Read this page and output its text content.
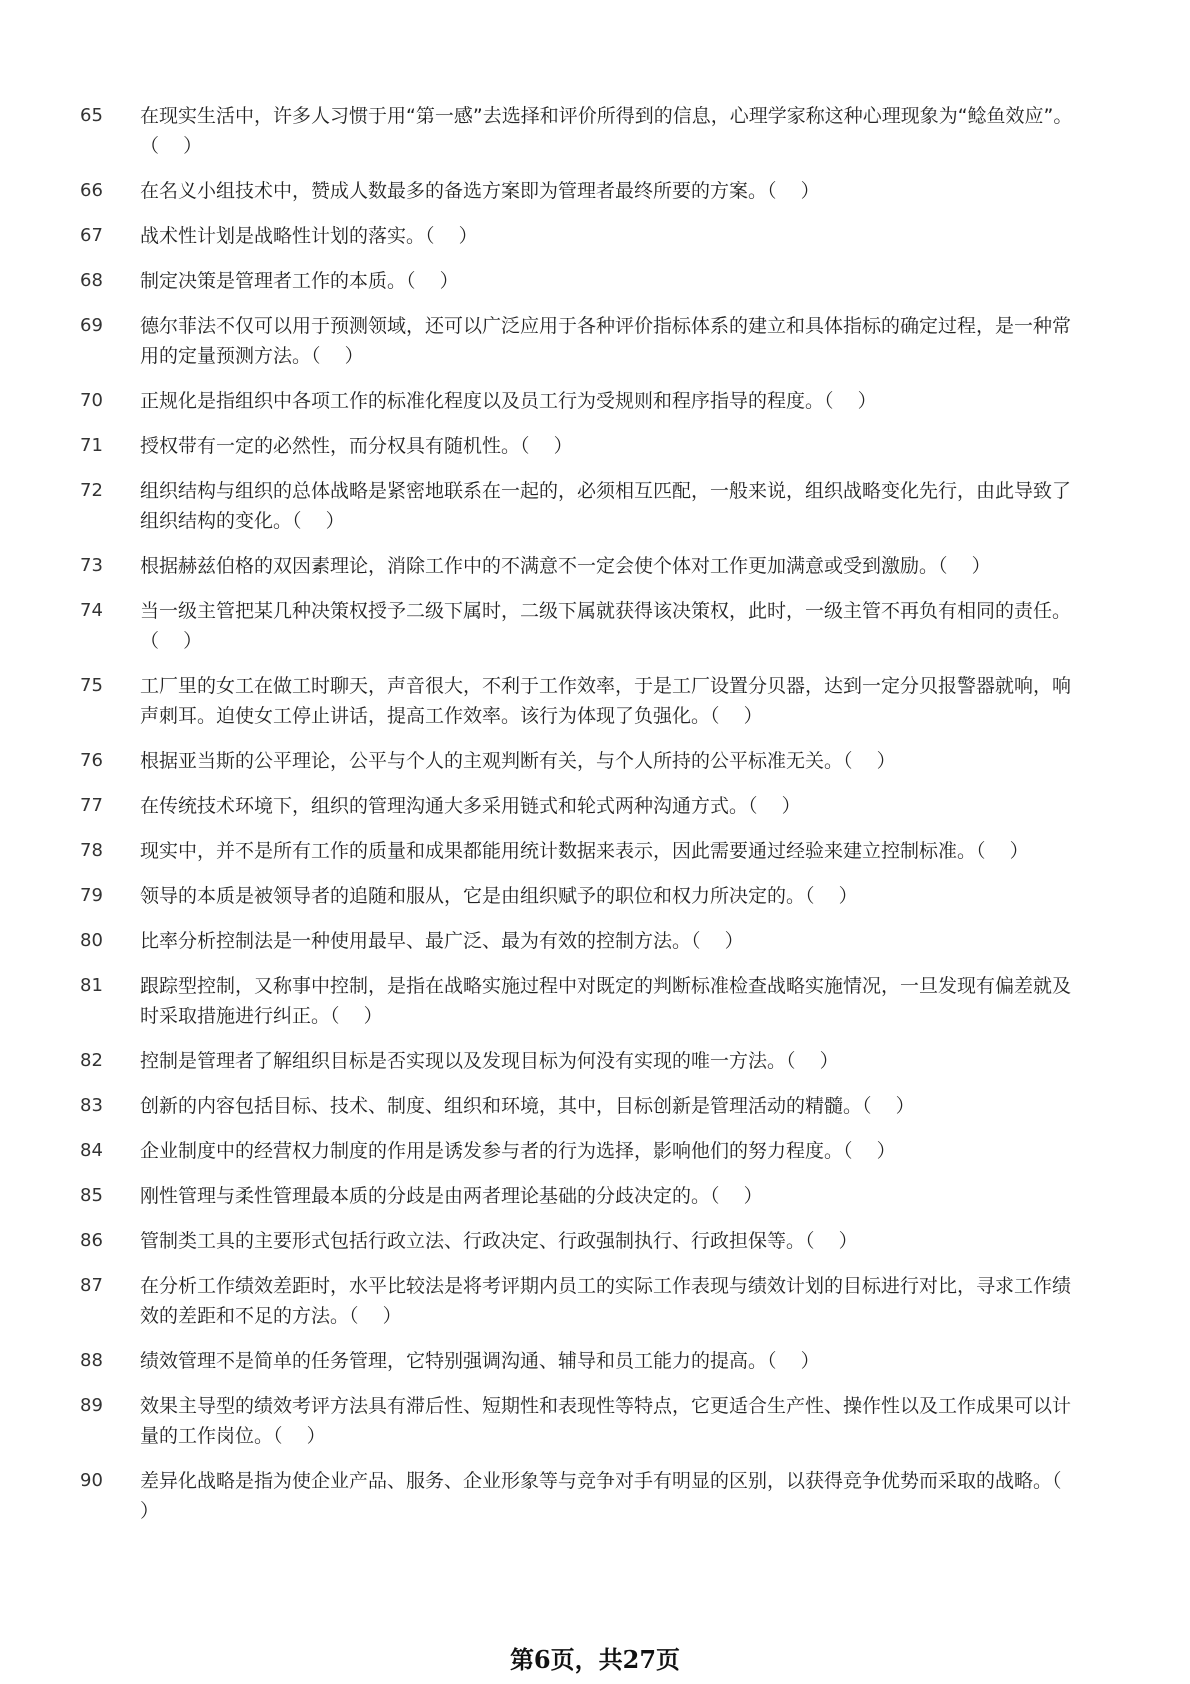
65	在现实生活中，许多人习惯于用“第一感”去选择和评价所得到的信息，心理学家称这种心理现象为“鲶鱼效应”。（    ）
66	在名义小组技术中，赞成人数最多的备选方案即为管理者最终所要的方案。（    ）
67	战术性计划是战略性计划的落实。（    ）
68	制定决策是管理者工作的本质。（    ）
69	德尔菲法不仅可以用于预测领域，还可以广泛应用于各种评价指标体系的建立和具体指标的确定过程，是一种常用的定量预测方法。（    ）
70	正规化是指组织中各项工作的标准化程度以及员工行为受规则和程序指导的程度。（    ）
71	授权带有一定的必然性，而分权具有随机性。（    ）
72	组织结构与组织的总体战略是紧密地联系在一起的，必须相互匹配，一般来说，组织战略变化先行，由此导致了组织结构的变化。（    ）
73	根据赫兹伯格的双因素理论，消除工作中的不满意不一定会使个体对工作更加满意或受到激励。（    ）
74	当一级主管把某几种决策权授予二级下属时，二级下属就获得该决策权，此时，一级主管不再负有相同的责任。（    ）
75	工厂里的女工在做工时聊天，声音很大，不利于工作效率，于是工厂设置分贝器，达到一定分贝报警器就响，响声刺耳。迫使女工停止讲话，提高工作效率。该行为体现了负强化。（    ）
76	根据亚当斯的公平理论，公平与个人的主观判断有关，与个人所持的公平标准无关。（    ）
77	在传统技术环境下，组织的管理沟通大多采用链式和轮式两种沟通方式。（    ）
78	现实中，并不是所有工作的质量和成果都能用统计数据来表示，因此需要通过经验来建立控制标准。（    ）
79	领导的本质是被领导者的追随和服从，它是由组织赋予的职位和权力所决定的。（    ）
80	比率分析控制法是一种使用最早、最广泛、最为有效的控制方法。（    ）
81	跟踪型控制，又称事中控制，是指在战略实施过程中对既定的判断标准检查战略实施情况，一旦发现有偏差就及时采取措施进行纠正。（    ）
82	控制是管理者了解组织目标是否实现以及发现目标为何没有实现的唯一方法。（    ）
83	创新的内容包括目标、技术、制度、组织和环境，其中，目标创新是管理活动的精髓。（    ）
84	企业制度中的经营权力制度的作用是诱发参与者的行为选择，影响他们的努力程度。（    ）
85	刚性管理与柔性管理最本质的分歧是由两者理论基础的分歧决定的。（    ）
86	管制类工具的主要形式包括行政立法、行政决定、行政强制执行、行政担保等。（    ）
87	在分析工作绩效差距时，水平比较法是将考评期内员工的实际工作表现与绩效计划的目标进行对比，寻求工作绩效的差距和不足的方法。（    ）
88	绩效管理不是简单的任务管理，它特别强调沟通、辅导和员工能力的提高。（    ）
89	效果主导型的绩效考评方法具有滞后性、短期性和表现性等特点，它更适合生产性、操作性以及工作成果可以计量的工作岗位。（    ）
90	差异化战略是指为使企业产品、服务、企业形象等与竞争对手有明显的区别，以获得竞争优势而采取的战略。（    ）
第6页，共27页
